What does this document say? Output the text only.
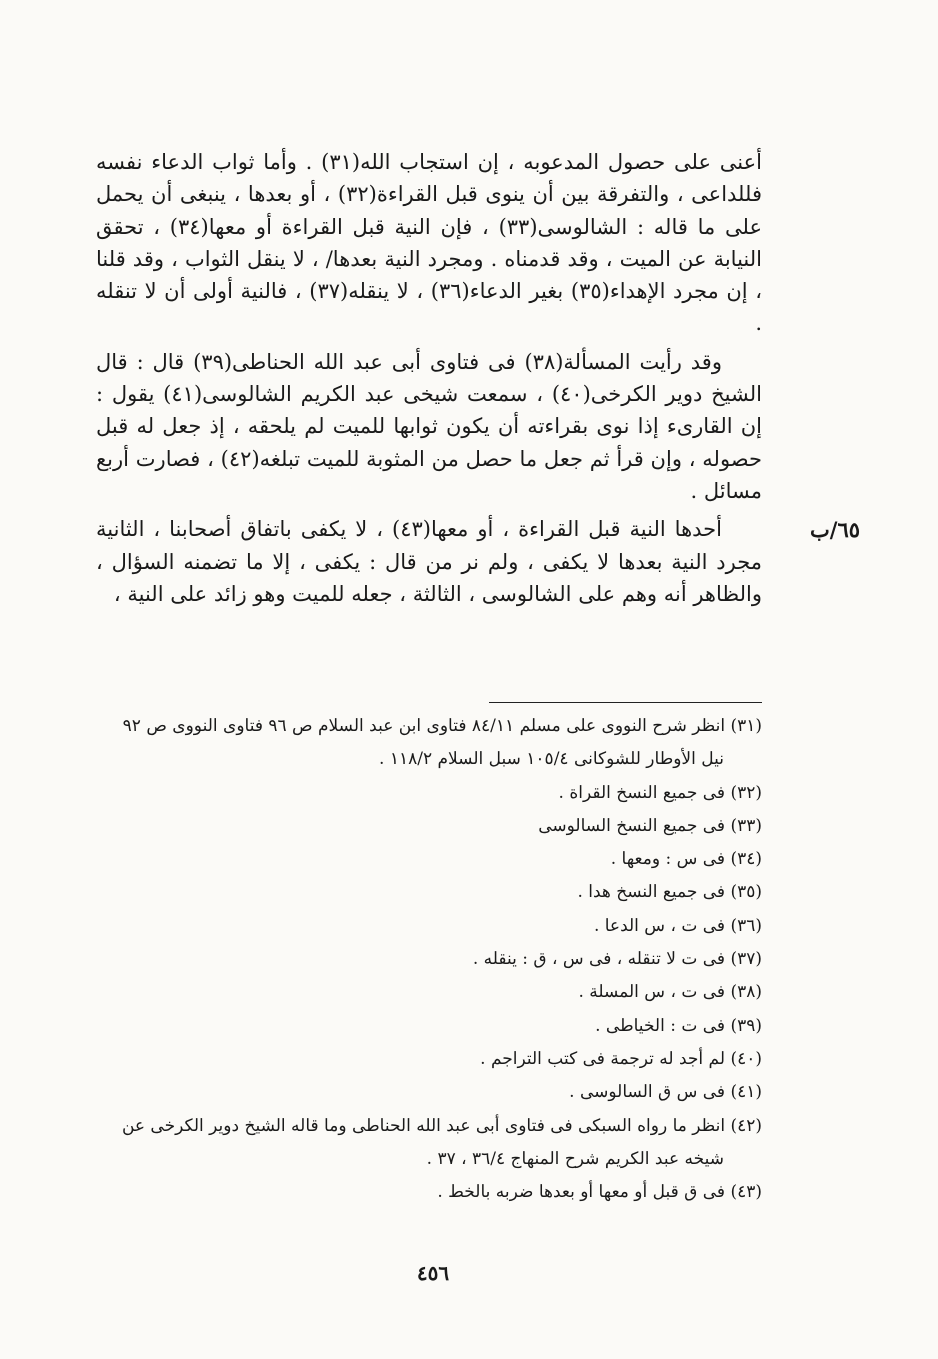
أعنى على حصول المدعوبه ، إن استجاب الله(٣١) . وأما ثواب الدعاء نفسه فللداعى ، والتفرقة بين أن ينوى قبل القراءة(٣٢) ، أو بعدها ، ينبغى أن يحمل على ما قاله : الشالوسى(٣٣) ، فإن النية قبل القراءة أو معها(٣٤) ، تحقق النيابة عن الميت ، وقد قدمناه . ومجرد النية بعدها/ ، لا ينقل الثواب ، وقد قلنا ، إن مجرد الإهداء(٣٥) بغير الدعاء(٣٦) ، لا ينقله(٣٧) ، فالنية أولى أن لا تنقله .

وقد رأيت المسألة(٣٨) فى فتاوى أبى عبد الله الحناطى(٣٩) قال : قال الشيخ دوير الكرخى(٤٠) ، سمعت شيخى عبد الكريم الشالوسى(٤١) يقول : إن القارىء إذا نوى بقراءته أن يكون ثوابها للميت لم يلحقه ، إذ جعل له قبل حصوله ، وإن قرأ ثم جعل ما حصل من المثوبة للميت تبلغه(٤٢) ، فصارت أربع مسائل .

أحدها النية قبل القراءة ، أو معها(٤٣) ، لا يكفى باتفاق أصحابنا ، الثانية مجرد النية بعدها لا يكفى ، ولم نر من قال : يكفى ، إلا ما تضمنه السؤال ، والظاهر أنه وهم على الشالوسى ، الثالثة ، جعله للميت وهو زائد على النية ،

٦٥/ب

(٣١) انظر شرح النووى على مسلم ٨٤/١١ فتاوى ابن عبد السلام ص ٩٦ فتاوى النووى ص ٩٢ نيل الأوطار للشوكانى ١٠٥/٤ سبل السلام ١١٨/٢ .

(٣٢) فى جميع النسخ القراة .

(٣٣) فى جميع النسخ السالوسى

(٣٤) فى س : ومعها .

(٣٥) فى جميع النسخ هدا .

(٣٦) فى ت ، س الدعا .

(٣٧) فى ت لا تنقله ، فى س ، ق : ينقله .

(٣٨) فى ت ، س المسلة .

(٣٩) فى ت : الخياطى .

(٤٠) لم أجد له ترجمة فى كتب التراجم .

(٤١) فى س ق السالوسى .

(٤٢) انظر ما رواه السبكى فى فتاوى أبى عبد الله الحناطى وما قاله الشيخ دوير الكرخى عن شيخه عبد الكريم شرح المنهاج ٣٦/٤ ، ٣٧ .

(٤٣) فى ق قبل أو معها أو بعدها ضربه بالخط .

٤٥٦
